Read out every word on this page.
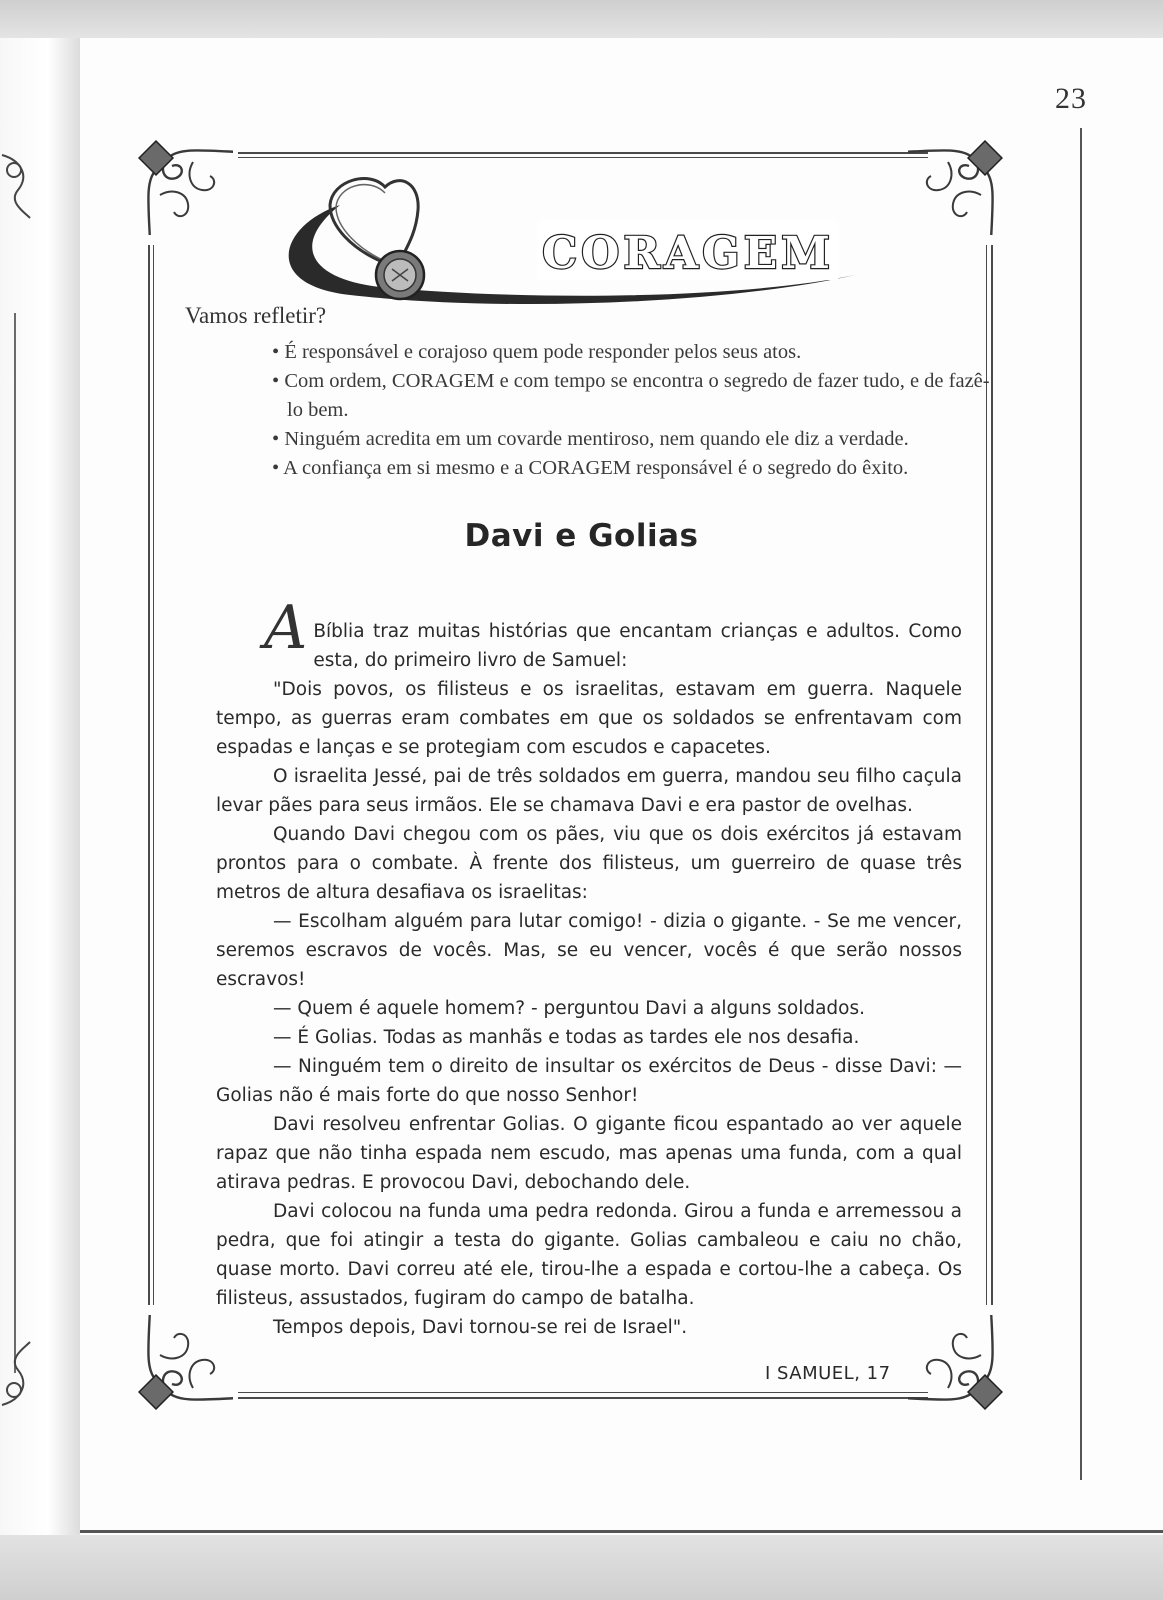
23
CORAGEM
Vamos refletir?
• É responsável e corajoso quem pode responder pelos seus atos.
• Com ordem, CORAGEM e com tempo se encontra o segredo de fazer tudo, e de fazê-lo bem.
• Ninguém acredita em um covarde mentiroso, nem quando ele diz a verdade.
• A confiança em si mesmo e a CORAGEM responsável é o segredo do êxito.
Davi e Golias

A Bíblia traz muitas histórias que encantam crianças e adultos. Como esta, do primeiro livro de Samuel:

"Dois povos, os filisteus e os israelitas, estavam em guerra. Naquele tempo, as guerras eram combates em que os soldados se enfrentavam com espadas e lanças e se protegiam com escudos e capacetes.

O israelita Jessé, pai de três soldados em guerra, mandou seu filho caçula levar pães para seus irmãos. Ele se chamava Davi e era pastor de ovelhas.

Quando Davi chegou com os pães, viu que os dois exércitos já estavam prontos para o combate. À frente dos filisteus, um guerreiro de quase três metros de altura desafiava os israelitas:

— Escolham alguém para lutar comigo! - dizia o gigante. - Se me vencer, seremos escravos de vocês. Mas, se eu vencer, vocês é que serão nossos escravos!

— Quem é aquele homem? - perguntou Davi a alguns soldados.

— É Golias. Todas as manhãs e todas as tardes ele nos desafia.

— Ninguém tem o direito de insultar os exércitos de Deus - disse Davi: — Golias não é mais forte do que nosso Senhor!

Davi resolveu enfrentar Golias. O gigante ficou espantado ao ver aquele rapaz que não tinha espada nem escudo, mas apenas uma funda, com a qual atirava pedras. E provocou Davi, debochando dele.

Davi colocou na funda uma pedra redonda. Girou a funda e arremessou a pedra, que foi atingir a testa do gigante. Golias cambaleou e caiu no chão, quase morto. Davi correu até ele, tirou-lhe a espada e cortou-lhe a cabeça. Os filisteus, assustados, fugiram do campo de batalha.

Tempos depois, Davi tornou-se rei de Israel".

I SAMUEL, 17
